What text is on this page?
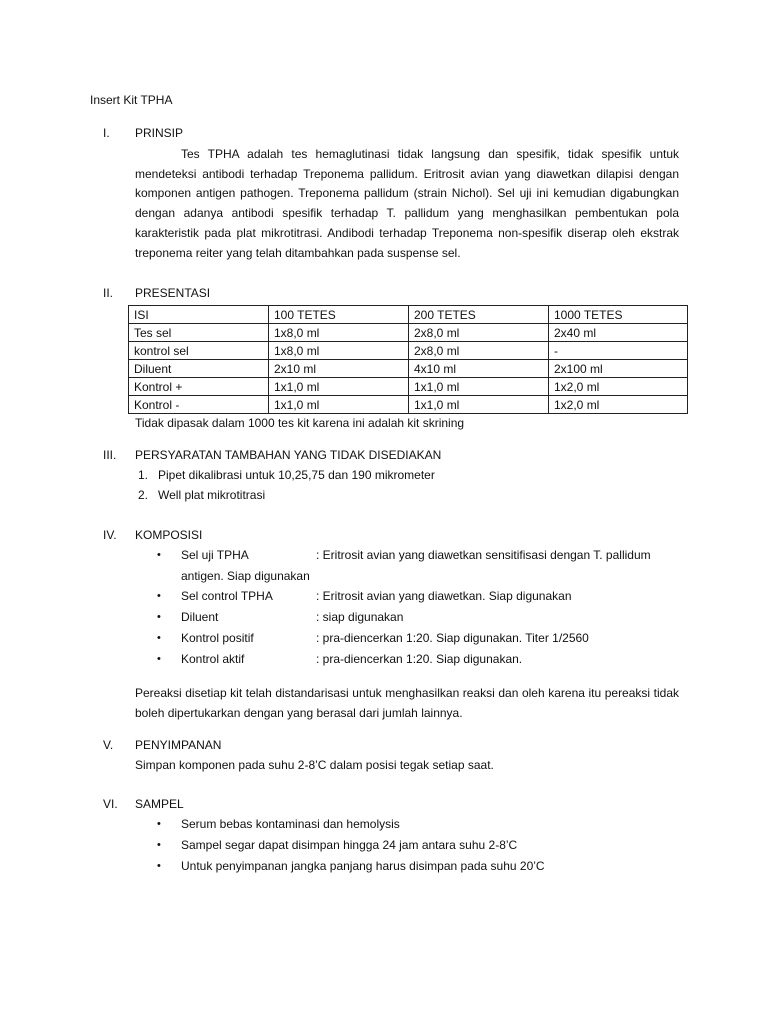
Insert Kit TPHA
I. PRINSIP
Tes TPHA adalah tes hemaglutinasi tidak langsung dan spesifik, tidak spesifik untuk mendeteksi antibodi terhadap Treponema pallidum. Eritrosit avian yang diawetkan dilapisi dengan komponen antigen pathogen. Treponema pallidum (strain Nichol). Sel uji ini kemudian digabungkan dengan adanya antibodi spesifik terhadap T. pallidum yang menghasilkan pembentukan pola karakteristik pada plat mikrotitrasi. Andibodi terhadap Treponema non-spesifik diserap oleh ekstrak treponema reiter yang telah ditambahkan pada suspense sel.
II. PRESENTASI
ISI	100 TETES	200 TETES	1000 TETES
Tes sel	1x8,0 ml	2x8,0 ml	2x40 ml
kontrol sel	1x8,0 ml	2x8,0 ml	-
Diluent	2x10 ml	4x10 ml	2x100 ml
Kontrol +	1x1,0 ml	1x1,0 ml	1x2,0 ml
Kontrol -	1x1,0 ml	1x1,0 ml	1x2,0 ml
Tidak dipasak dalam 1000 tes kit karena ini adalah kit skrining
III. PERSYARATAN TAMBAHAN YANG TIDAK DISEDIAKAN
1. Pipet dikalibrasi untuk 10,25,75 dan 190 mikrometer
2. Well plat mikrotitrasi
IV. KOMPOSISI
• Sel uji TPHA	: Eritrosit avian yang diawetkan sensitifisasi dengan T. pallidum
antigen. Siap digunakan
• Sel control TPHA	: Eritrosit avian yang diawetkan. Siap digunakan
• Diluent	: siap digunakan
• Kontrol positif	: pra-diencerkan 1:20. Siap digunakan. Titer 1/2560
• Kontrol aktif	: pra-diencerkan 1:20. Siap digunakan.
Pereaksi disetiap kit telah distandarisasi untuk menghasilkan reaksi dan oleh karena itu pereaksi tidak boleh dipertukarkan dengan yang berasal dari jumlah lainnya.
V. PENYIMPANAN
Simpan komponen pada suhu 2-8’C dalam posisi tegak setiap saat.
VI. SAMPEL
• Serum bebas kontaminasi dan hemolysis
• Sampel segar dapat disimpan hingga 24 jam antara suhu 2-8’C
• Untuk penyimpanan jangka panjang harus disimpan pada suhu 20’C
